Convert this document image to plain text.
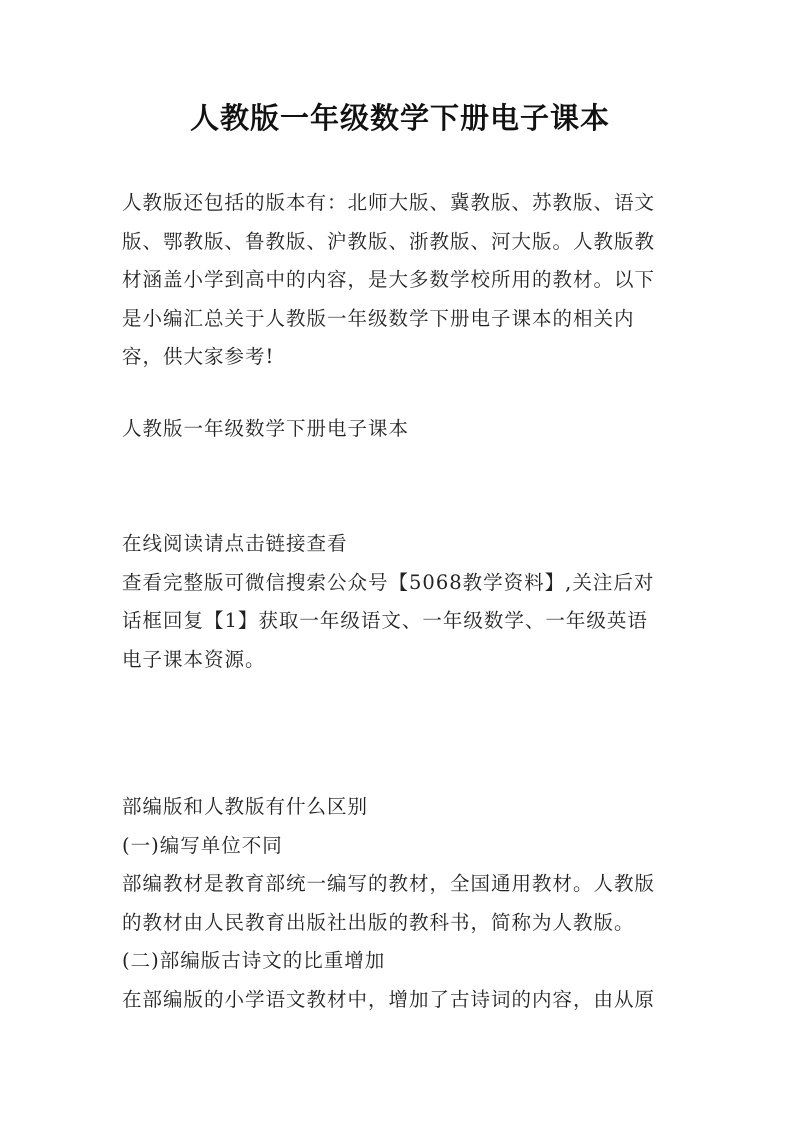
人教版一年级数学下册电子课本

人教版还包括的版本有：北师大版、冀教版、苏教版、语文
版、鄂教版、鲁教版、沪教版、浙教版、河大版。人教版教
材涵盖小学到高中的内容，是大多数学校所用的教材。以下
是小编汇总关于人教版一年级数学下册电子课本的相关内
容，供大家参考!

人教版一年级数学下册电子课本

在线阅读请点击链接查看
查看完整版可微信搜索公众号【5068教学资料】,关注后对
话框回复【1】获取一年级语文、一年级数学、一年级英语
电子课本资源。

部编版和人教版有什么区别
(一)编写单位不同
部编教材是教育部统一编写的教材，全国通用教材。人教版
的教材由人民教育出版社出版的教科书，简称为人教版。
(二)部编版古诗文的比重增加
在部编版的小学语文教材中，增加了古诗词的内容，由从原
